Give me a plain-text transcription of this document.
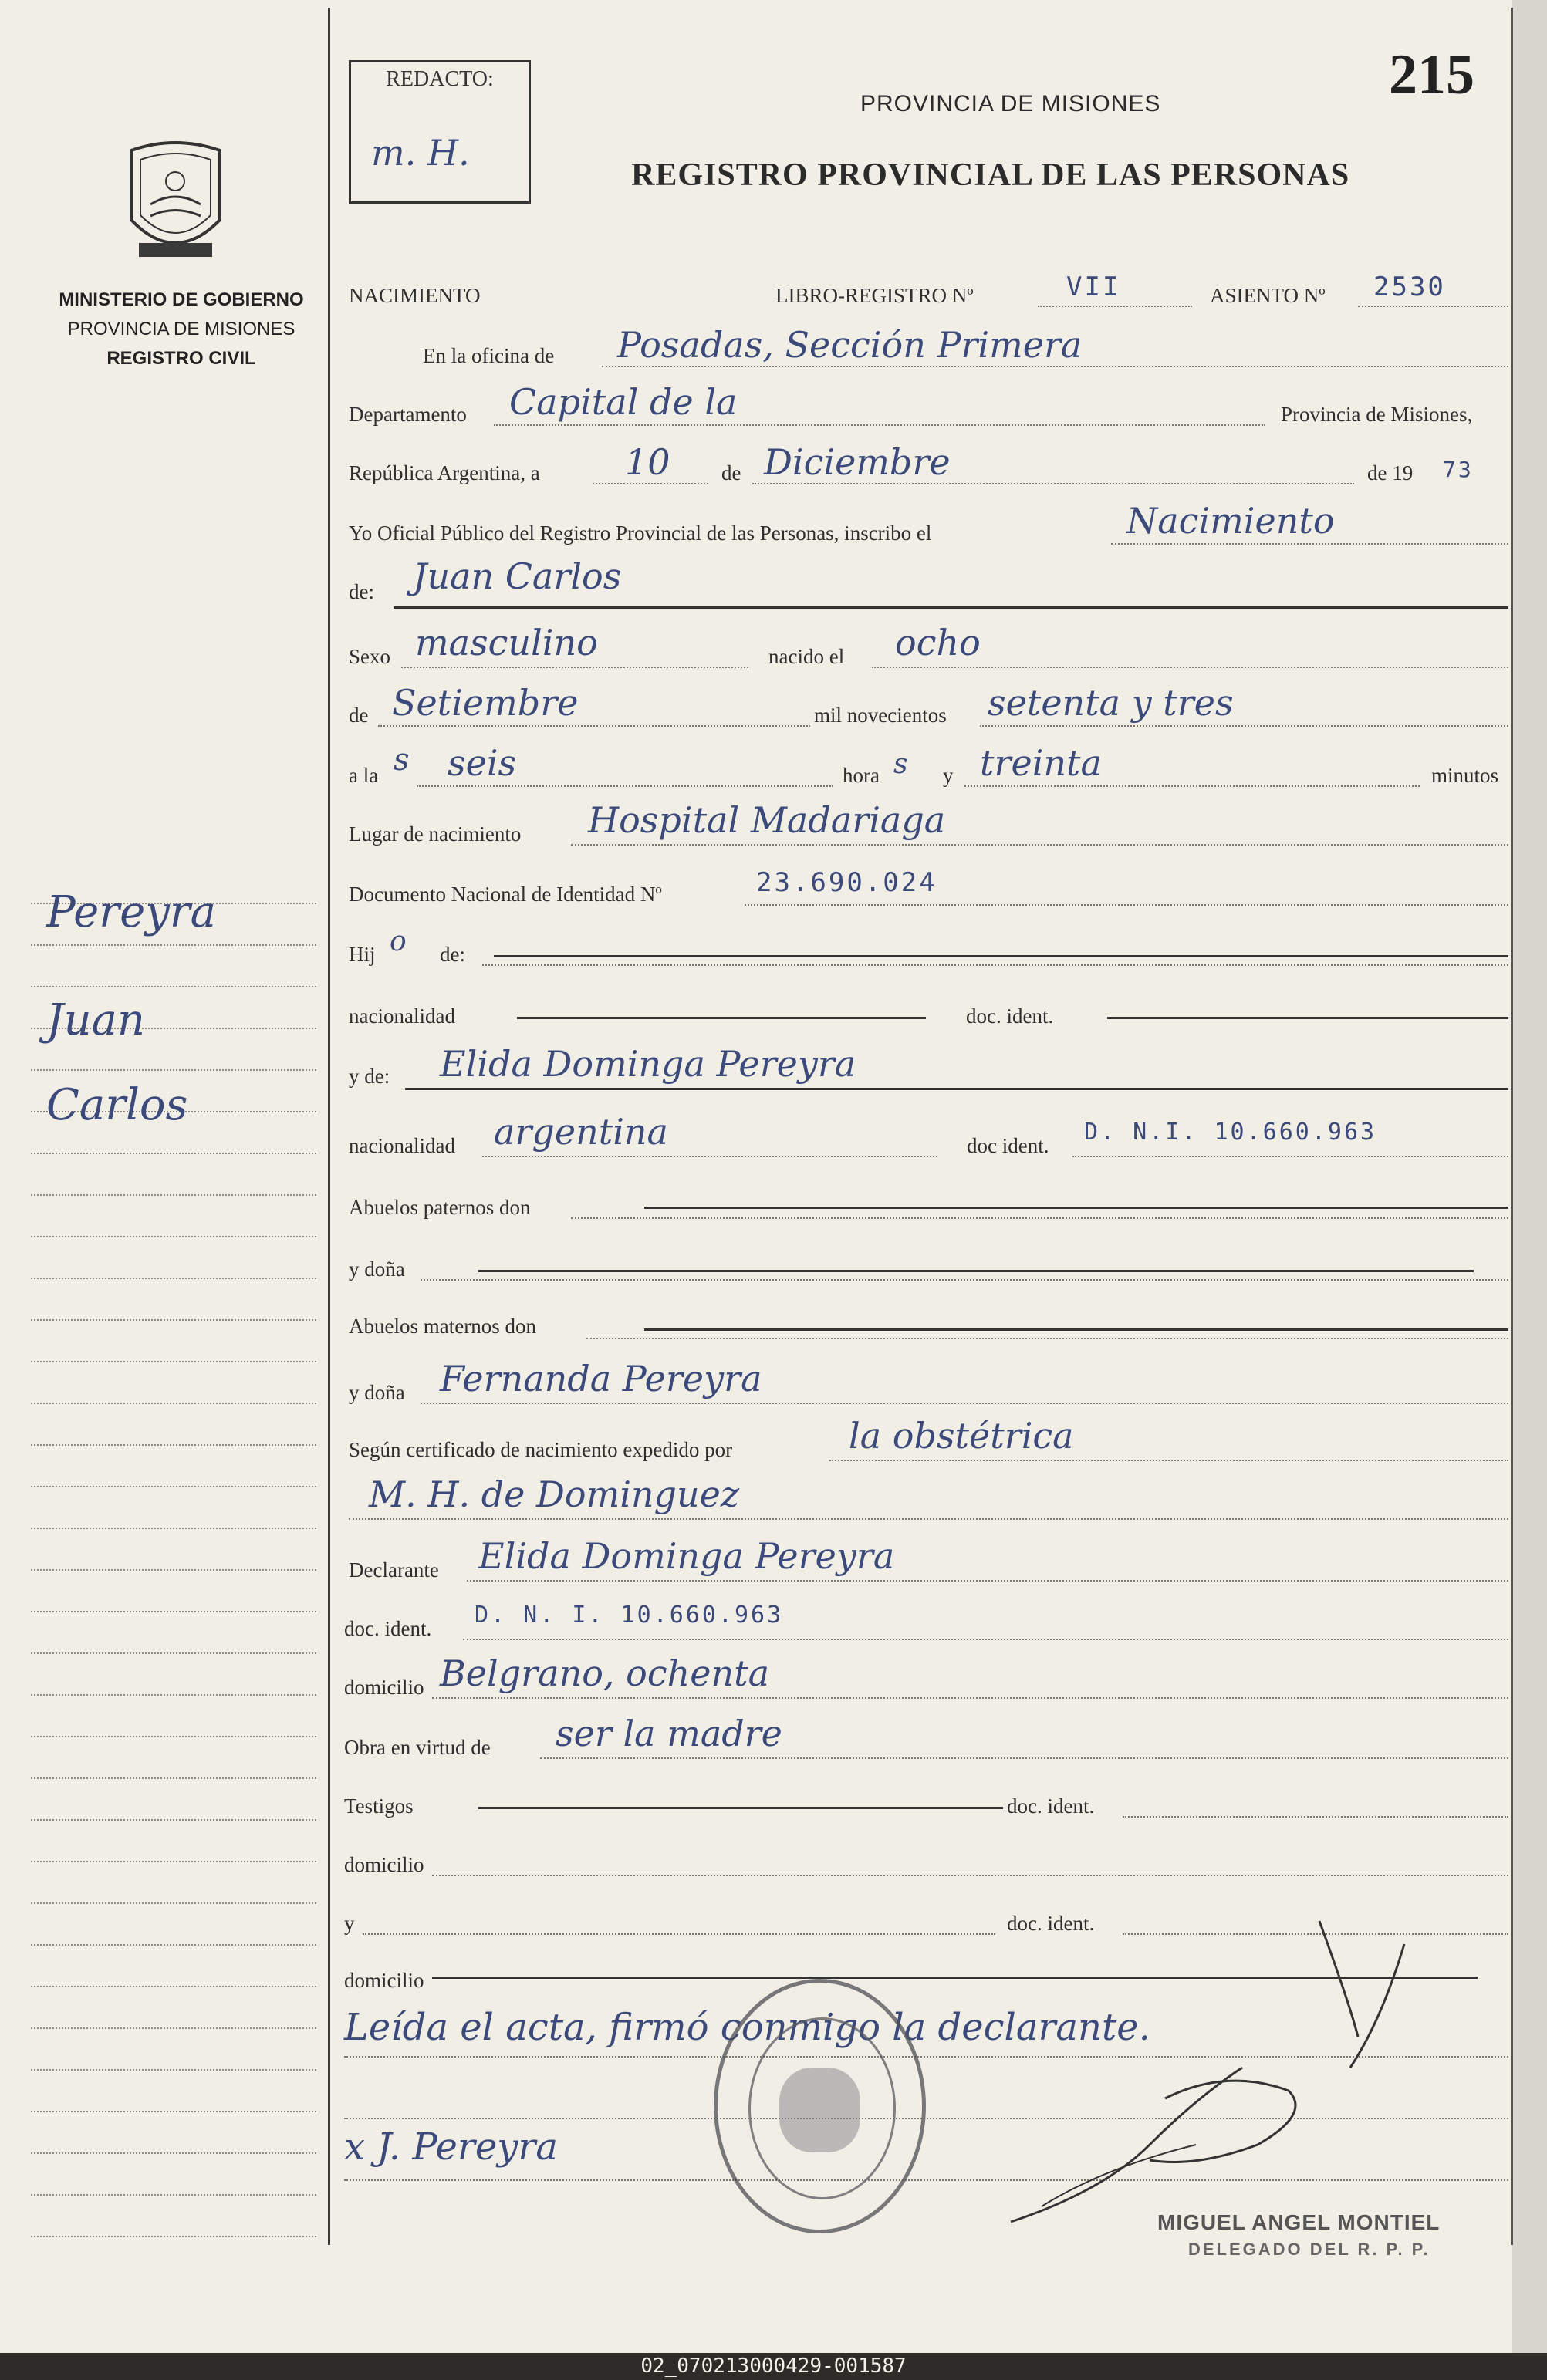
MINISTERIO DE GOBIERNO
PROVINCIA DE MISIONES
REGISTRO CIVIL
Pereyra
Juan
Carlos
REDACTO:
m. H.
215
PROVINCIA DE MISIONES
REGISTRO PROVINCIAL DE LAS PERSONAS
NACIMIENTO	LIBRO-REGISTRO Nº	VII	ASIENTO Nº 2530
En la oficina de Posadas, Sección Primera
Departamento Capital de la	Provincia de Misiones,
República Argentina, a 10 de Diciembre	de 19 73
Yo Oficial Público del Registro Provincial de las Personas, inscribo el	Nacimiento
de: Juan Carlos
Sexo masculino	nacido el ocho
de Setiembre	mil novecientos setenta y tres
a la s seis	hora s y treinta	minutos
Lugar de nacimiento Hospital Madariaga
Documento Nacional de Identidad Nº	23.690.024
Hij o de:
nacionalidad	doc. ident.
y de: Elida Dominga Pereyra
nacionalidad argentina	doc ident. D. N.I. 10.660.963
Abuelos paternos don
y doña
Abuelos maternos don
y doña Fernanda Pereyra
Según certificado de nacimiento expedido por	la obstétrica
M. H. de Dominguez
Declarante Elida Dominga Pereyra
doc. ident. D. N. I. 10.660.963
domicilio Belgrano, ochenta
Obra en virtud de ser la madre
Testigos	doc. ident.
domicilio
y	doc. ident.
domicilio
Leída el acta, firmó conmigo la declarante.
x J. Pereyra
MIGUEL ANGEL MONTIEL
DELEGADO DEL R. P. P.
02_070213000429-001587
